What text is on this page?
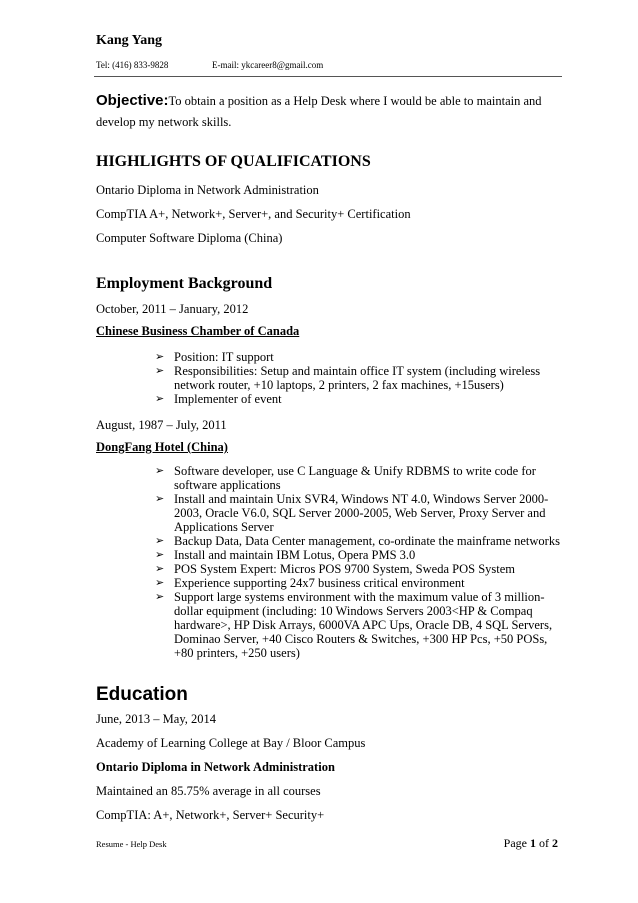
Kang Yang
Tel: (416) 833-9828	E-mail: ykcareer8@gmail.com
Objective:To obtain a position as a Help Desk where I would be able to maintain and develop my network skills.
HIGHLIGHTS OF QUALIFICATIONS
Ontario Diploma in Network Administration
CompTIA A+, Network+, Server+, and Security+ Certification
Computer Software Diploma (China)
Employment Background
October, 2011 – January, 2012
Chinese Business Chamber of Canada
➢ Position: IT support
➢ Responsibilities: Setup and maintain office IT system (including wireless network router, +10 laptops, 2 printers, 2 fax machines, +15users)
➢ Implementer of event
August, 1987 – July, 2011
DongFang Hotel (China)
➢ Software developer, use C Language & Unify RDBMS to write code for software applications
➢ Install and maintain Unix SVR4, Windows NT 4.0, Windows Server 2000-2003, Oracle V6.0, SQL Server 2000-2005, Web Server, Proxy Server and Applications Server
➢ Backup Data, Data Center management, co-ordinate the mainframe networks
➢ Install and maintain IBM Lotus, Opera PMS 3.0
➢ POS System Expert: Micros POS 9700 System, Sweda POS System
➢ Experience supporting 24x7 business critical environment
➢ Support large systems environment with the maximum value of 3 million-dollar equipment (including: 10 Windows Servers 2003<HP & Compaq hardware>, HP Disk Arrays, 6000VA APC Ups, Oracle DB, 4 SQL Servers, Dominao Server, +40 Cisco Routers & Switches, +300 HP Pcs, +50 POSs, +80 printers, +250 users)
Education
June, 2013 – May, 2014
Academy of Learning College at Bay / Bloor Campus
Ontario Diploma in Network Administration
Maintained an 85.75% average in all courses
CompTIA: A+, Network+, Server+ Security+
Resume - Help Desk	Page 1 of 2
